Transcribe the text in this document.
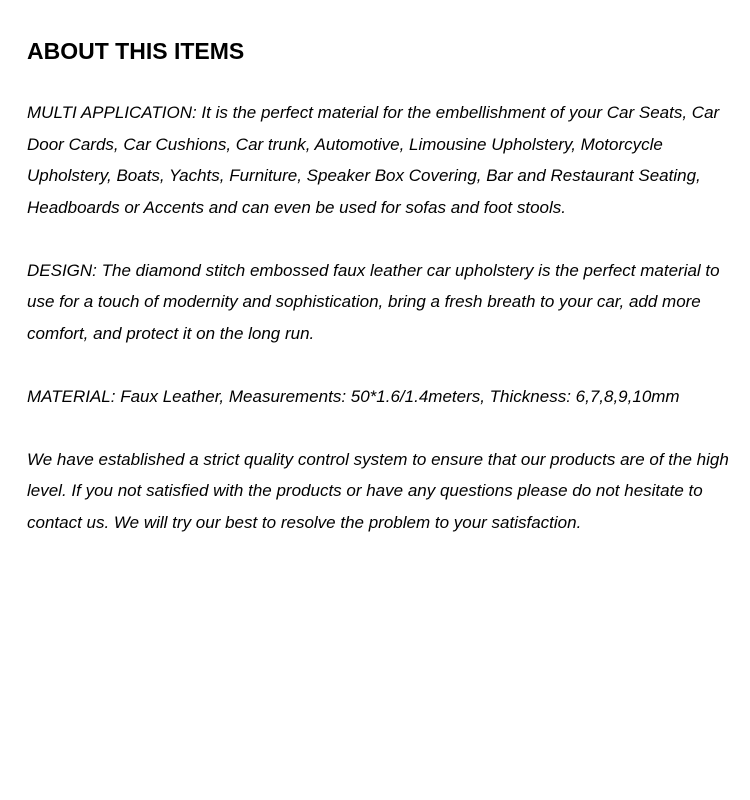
ABOUT THIS ITEMS

MULTI APPLICATION: It is the perfect material for the embellishment of your Car Seats, Car Door Cards, Car Cushions, Car trunk, Automotive, Limousine Upholstery, Motorcycle Upholstery, Boats, Yachts, Furniture, Speaker Box Covering, Bar and Restaurant Seating, Headboards or Accents and can even be used for sofas and foot stools.

DESIGN: The diamond stitch embossed faux leather car upholstery is the perfect material to use for a touch of modernity and sophistication, bring a fresh breath to your car, add more comfort, and protect it on the long run.

MATERIAL: Faux Leather, Measurements: 50*1.6/1.4meters, Thickness: 6,7,8,9,10mm

We have established a strict quality control system to ensure that our products are of the high level. If you not satisfied with the products or have any questions please do not hesitate to contact us. We will try our best to resolve the problem to your satisfaction.
